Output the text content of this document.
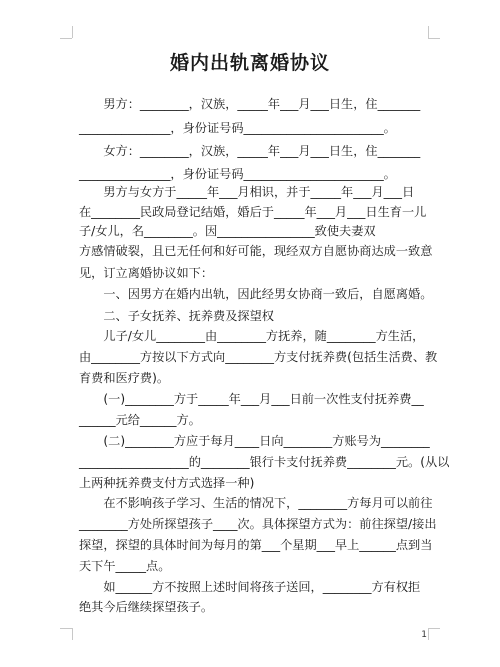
婚内出轨离婚协议
　　男方：________，汉族，_____年___月___日生，住_______
_______________，身份证号码_______________________。
　　女方：________，汉族，_____年___月___日生，住_______
_______________，身份证号码_______________________。
　　男方与女方于_____年___月相识，并于_____年___月___日
在________民政局登记结婚，婚后于_____年___月___日生育一儿
子/女儿，名________。因________________致使夫妻双
方感情破裂，且已无任何和好可能，现经双方自愿协商达成一致意
见，订立离婚协议如下：
　　一、因男方在婚内出轨，因此经男女协商一致后，自愿离婚。
　　二、子女抚养、抚养费及探望权
　　儿子/女儿________由________方抚养，随________方生活，
由________方按以下方式向________方支付抚养费(包括生活费、教
育费和医疗费)。
　　(一)________方于_____年___月___日前一次性支付抚养费__
______元给______方。
　　(二)________方应于每月____日向________方账号为________
__________________的________银行卡支付抚养费________元。(从以
上两种抚养费支付方式选择一种)
　　在不影响孩子学习、生活的情况下，________方每月可以前往
________方处所探望孩子____次。具体探望方式为：前往探望/接出
探望，探望的具体时间为每月的第___个星期___早上______点到当
天下午_____点。
　　如______方不按照上述时间将孩子送回，________方有权拒
绝其今后继续探望孩子。
1
